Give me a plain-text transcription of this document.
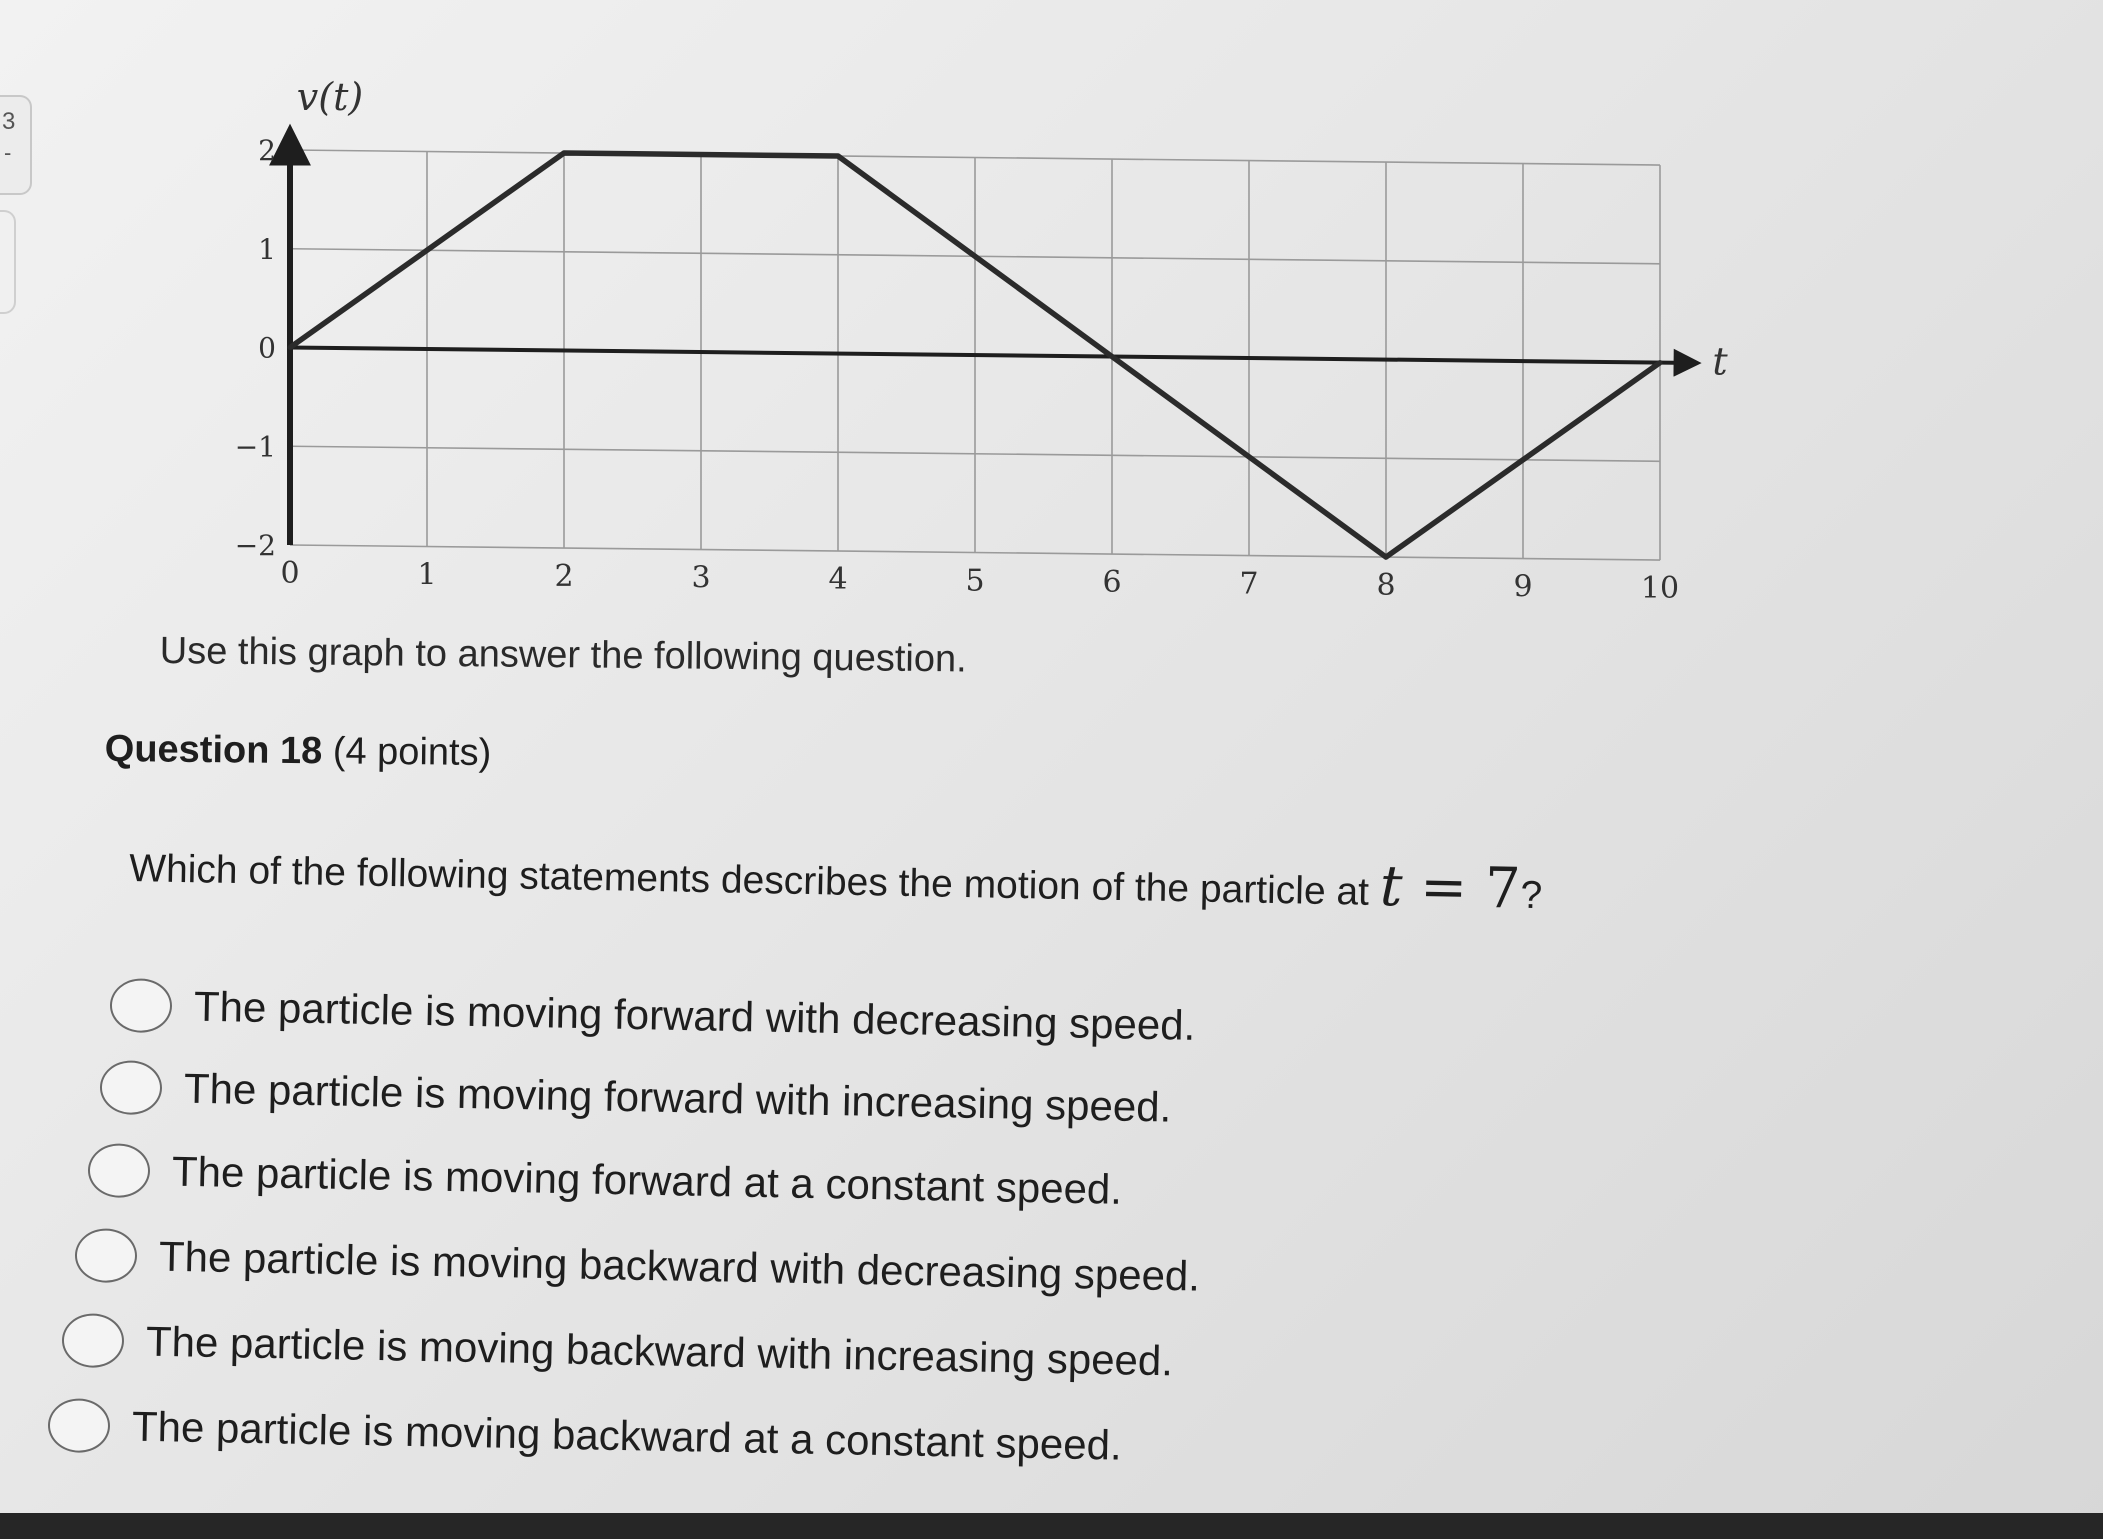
3
-
0	1	2	3	4	5	6	7	8	9	10
−2
−1
0
1
2
v(t)
t
Use this graph to answer the following question.
Question 18 (4 points)
Which of the following statements describes the motion of the particle at t = 7?
The particle is moving forward with decreasing speed.
The particle is moving forward with increasing speed.
The particle is moving forward at a constant speed.
The particle is moving backward with decreasing speed.
The particle is moving backward with increasing speed.
The particle is moving backward at a constant speed.
